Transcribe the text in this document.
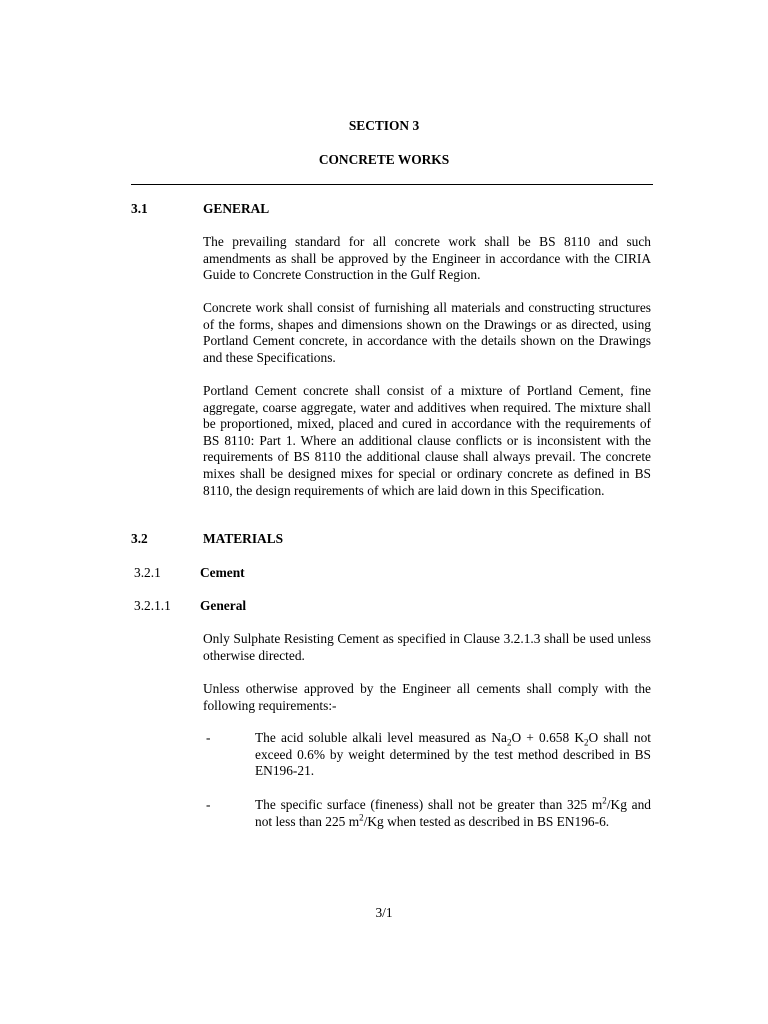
SECTION 3
CONCRETE WORKS
3.1	GENERAL
The prevailing standard for all concrete work shall be BS 8110 and such amendments as shall be approved by the Engineer in accordance with the CIRIA Guide to Concrete Construction in the Gulf Region.
Concrete work shall consist of furnishing all materials and constructing structures of the forms, shapes and dimensions shown on the Drawings or as directed, using Portland Cement concrete, in accordance with the details shown on the Drawings and these Specifications.
Portland Cement concrete shall consist of a mixture of Portland Cement, fine aggregate, coarse aggregate, water and additives when required. The mixture shall be proportioned, mixed, placed and cured in accordance with the requirements of BS 8110: Part 1. Where an additional clause conflicts or is inconsistent with the requirements of BS 8110 the additional clause shall always prevail. The concrete mixes shall be designed mixes for special or ordinary concrete as defined in BS 8110, the design requirements of which are laid down in this Specification.
3.2	MATERIALS
3.2.1	Cement
3.2.1.1 General
Only Sulphate Resisting Cement as specified in Clause 3.2.1.3 shall be used unless otherwise directed.
Unless otherwise approved by the Engineer all cements shall comply with the following requirements:-
-	The acid soluble alkali level measured as $Na_2O + 0.658$ $K_2O$ shall not exceed 0.6% by weight determined by the test method described in BS EN196-21.
-	The specific surface (fineness) shall not be greater than 325 $m^2/Kg$ and not less than 225 $m^2/Kg$ when tested as described in BS EN196-6.
3/1
